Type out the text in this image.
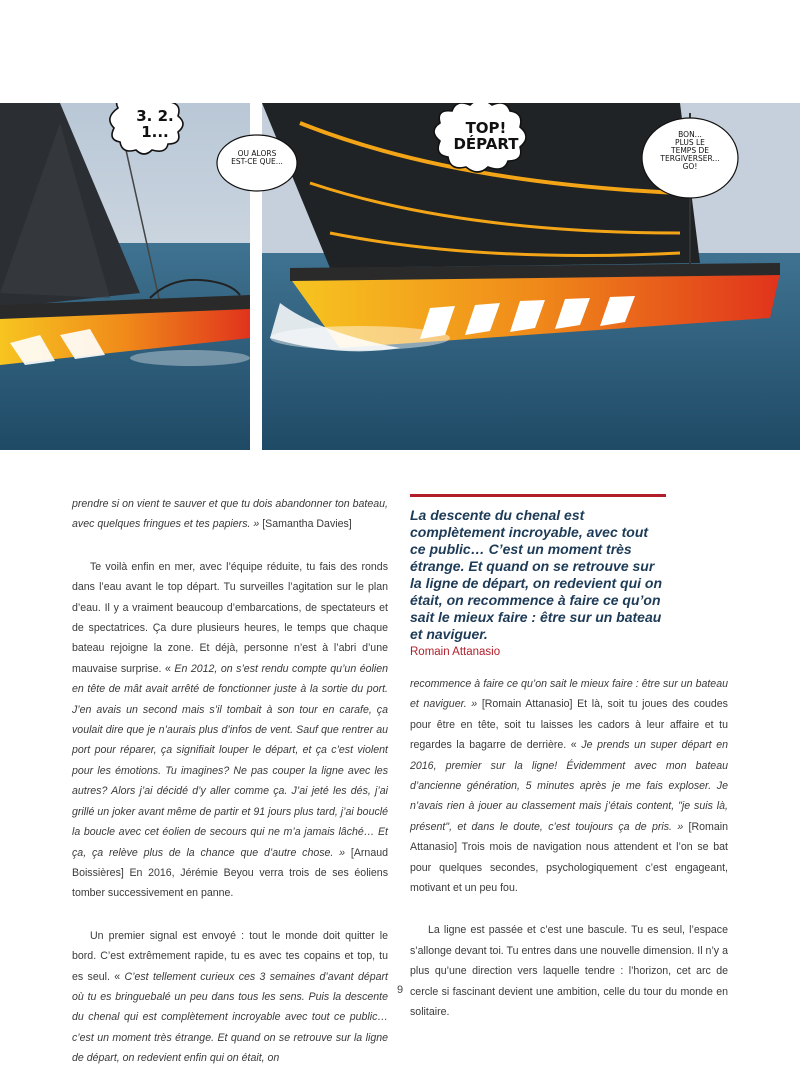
3. 2.
1...
OU ALORS
EST-CE QUE...
TOP!
DÉPART
BON...
PLUS LE
TEMPS DE
TERGIVERSER...
GO!

prendre si on vient te sauver et que tu dois abandonner ton bateau, avec quelques fringues et tes papiers. » [Samantha Davies]

Te voilà enfin en mer, avec l’équipe réduite, tu fais des ronds dans l’eau avant le top départ. Tu surveilles l’agitation sur le plan d’eau. Il y a vraiment beaucoup d’embarcations, de spectateurs et de spectatrices. Ça dure plusieurs heures, le temps que chaque bateau rejoigne la zone. Et déjà, personne n’est à l’abri d’une mauvaise surprise. « En 2012, on s’est rendu compte qu’un éolien en tête de mât avait arrêté de fonctionner juste à la sortie du port. J’en avais un second mais s’il tombait à son tour en carafe, ça voulait dire que je n’aurais plus d’infos de vent. Sauf que rentrer au port pour réparer, ça signifiait louper le départ, et ça c’est violent pour les émotions. Tu imagines? Ne pas couper la ligne avec les autres? Alors j’ai décidé d’y aller comme ça. J’ai jeté les dés, j’ai grillé un joker avant même de partir et 91 jours plus tard, j’ai bouclé la boucle avec cet éolien de secours qui ne m’a jamais lâché… Et ça, ça relève plus de la chance que d’autre chose. » [Arnaud Boissières] En 2016, Jérémie Beyou verra trois de ses éoliens tomber successivement en panne.

Un premier signal est envoyé : tout le monde doit quitter le bord. C’est extrêmement rapide, tu es avec tes copains et top, tu es seul. « C’est tellement curieux ces 3 semaines d’avant départ où tu es bringuebalé un peu dans tous les sens. Puis la descente du chenal qui est complètement incroyable avec tout ce public… c’est un moment très étrange. Et quand on se retrouve sur la ligne de départ, on redevient enfin qui on était, on

La descente du chenal est complètement incroyable, avec tout ce public… C’est un moment très étrange. Et quand on se retrouve sur la ligne de départ, on redevient qui on était, on recommence à faire ce qu’on sait le mieux faire : être sur un bateau et naviguer.
Romain Attanasio

recommence à faire ce qu’on sait le mieux faire : être sur un bateau et naviguer. » [Romain Attanasio] Et là, soit tu joues des coudes pour être en tête, soit tu laisses les cadors à leur affaire et tu regardes la bagarre de derrière. « Je prends un super départ en 2016, premier sur la ligne! Évidemment avec mon bateau d’ancienne génération, 5 minutes après je me fais exploser. Je n’avais rien à jouer au classement mais j’étais content, "je suis là, présent", et dans le doute, c’est toujours ça de pris. » [Romain Attanasio] Trois mois de navigation nous attendent et l’on se bat pour quelques secondes, psychologiquement c’est engageant, motivant et un peu fou.

La ligne est passée et c’est une bascule. Tu es seul, l’espace s’allonge devant toi. Tu entres dans une nouvelle dimension. Il n’y a plus qu’une direction vers laquelle tendre : l’horizon, cet arc de cercle si fascinant devient une ambition, celle du tour du monde en solitaire.

9
